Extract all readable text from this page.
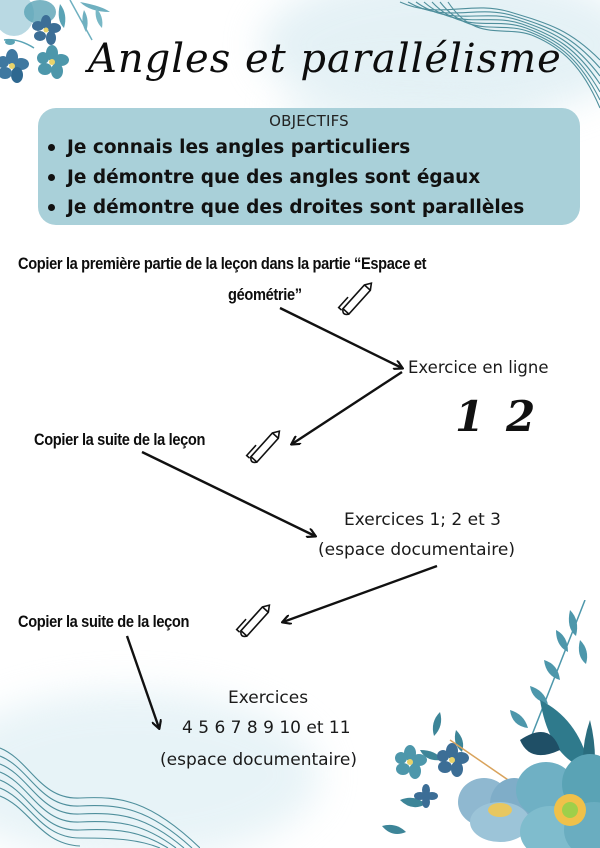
Angles et parallélisme
OBJECTIFS
Je connais les angles particuliers
Je démontre que des angles sont égaux
Je démontre que des droites sont parallèles
Copier la première partie de la leçon dans la partie “Espace et
géométrie”
Exercice en ligne
1 2
Copier la suite de la leçon
Exercices 1; 2 et 3
(espace documentaire)
Copier la suite de la leçon
Exercices
4 5 6 7 8 9 10 et 11
(espace documentaire)
